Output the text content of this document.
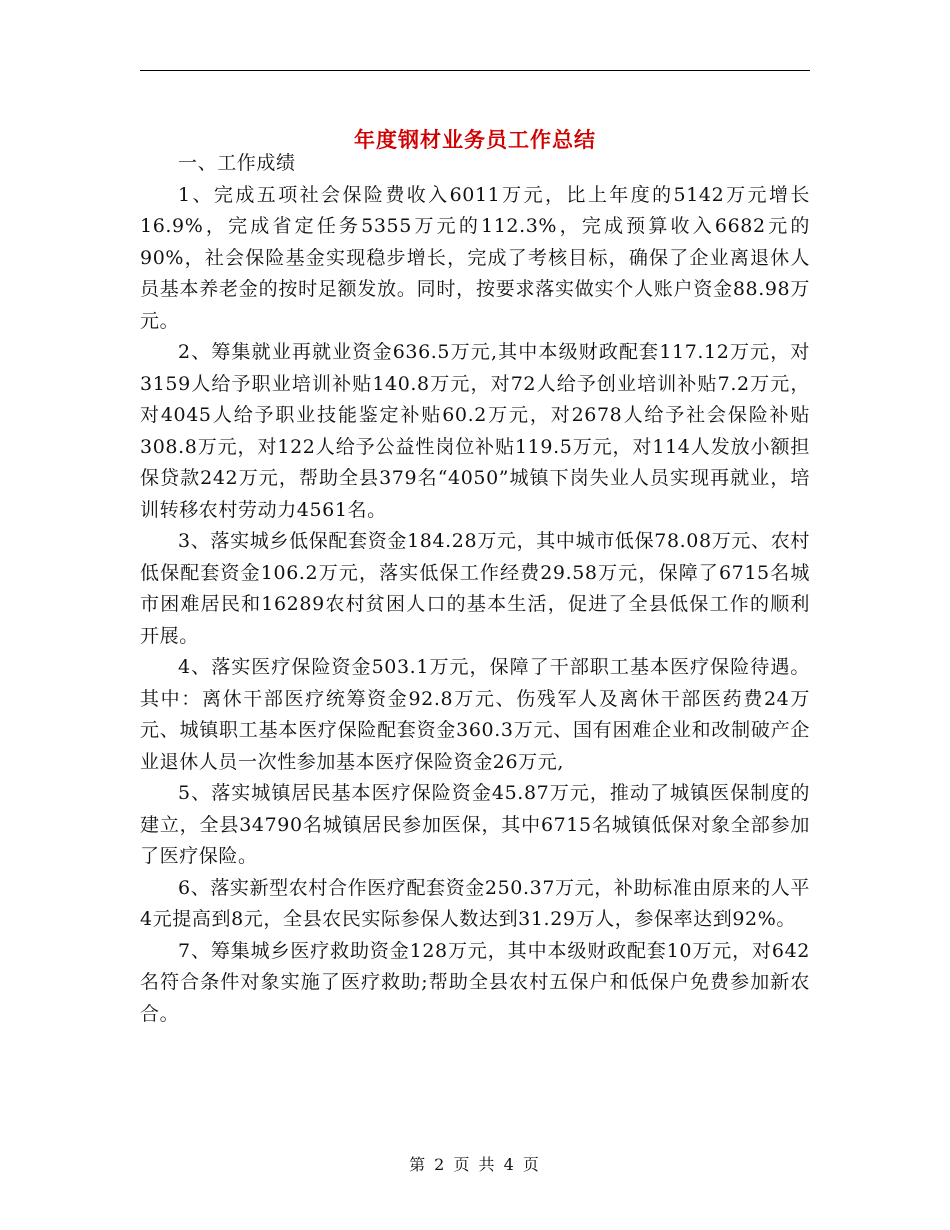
年度钢材业务员工作总结

一、工作成绩

1、完成五项社会保险费收入6011万元，比上年度的5142万元增长16.9%，完成省定任务5355万元的112.3%，完成预算收入6682元的90%，社会保险基金实现稳步增长，完成了考核目标，确保了企业离退休人员基本养老金的按时足额发放。同时，按要求落实做实个人账户资金88.98万元。

2、筹集就业再就业资金636.5万元,其中本级财政配套117.12万元，对3159人给予职业培训补贴140.8万元，对72人给予创业培训补贴7.2万元，对4045人给予职业技能鉴定补贴60.2万元，对2678人给予社会保险补贴308.8万元，对122人给予公益性岗位补贴119.5万元，对114人发放小额担保贷款242万元，帮助全县379名“4050”城镇下岗失业人员实现再就业，培训转移农村劳动力4561名。

3、落实城乡低保配套资金184.28万元，其中城市低保78.08万元、农村低保配套资金106.2万元，落实低保工作经费29.58万元，保障了6715名城市困难居民和16289农村贫困人口的基本生活，促进了全县低保工作的顺利开展。

4、落实医疗保险资金503.1万元，保障了干部职工基本医疗保险待遇。其中：离休干部医疗统筹资金92.8万元、伤残军人及离休干部医药费24万元、城镇职工基本医疗保险配套资金360.3万元、国有困难企业和改制破产企业退休人员一次性参加基本医疗保险资金26万元,

5、落实城镇居民基本医疗保险资金45.87万元，推动了城镇医保制度的建立，全县34790名城镇居民参加医保，其中6715名城镇低保对象全部参加了医疗保险。

6、落实新型农村合作医疗配套资金250.37万元，补助标准由原来的人平4元提高到8元，全县农民实际参保人数达到31.29万人，参保率达到92%。

7、筹集城乡医疗救助资金128万元，其中本级财政配套10万元，对642名符合条件对象实施了医疗救助;帮助全县农村五保户和低保户免费参加新农合。

第 2 页 共 4 页
